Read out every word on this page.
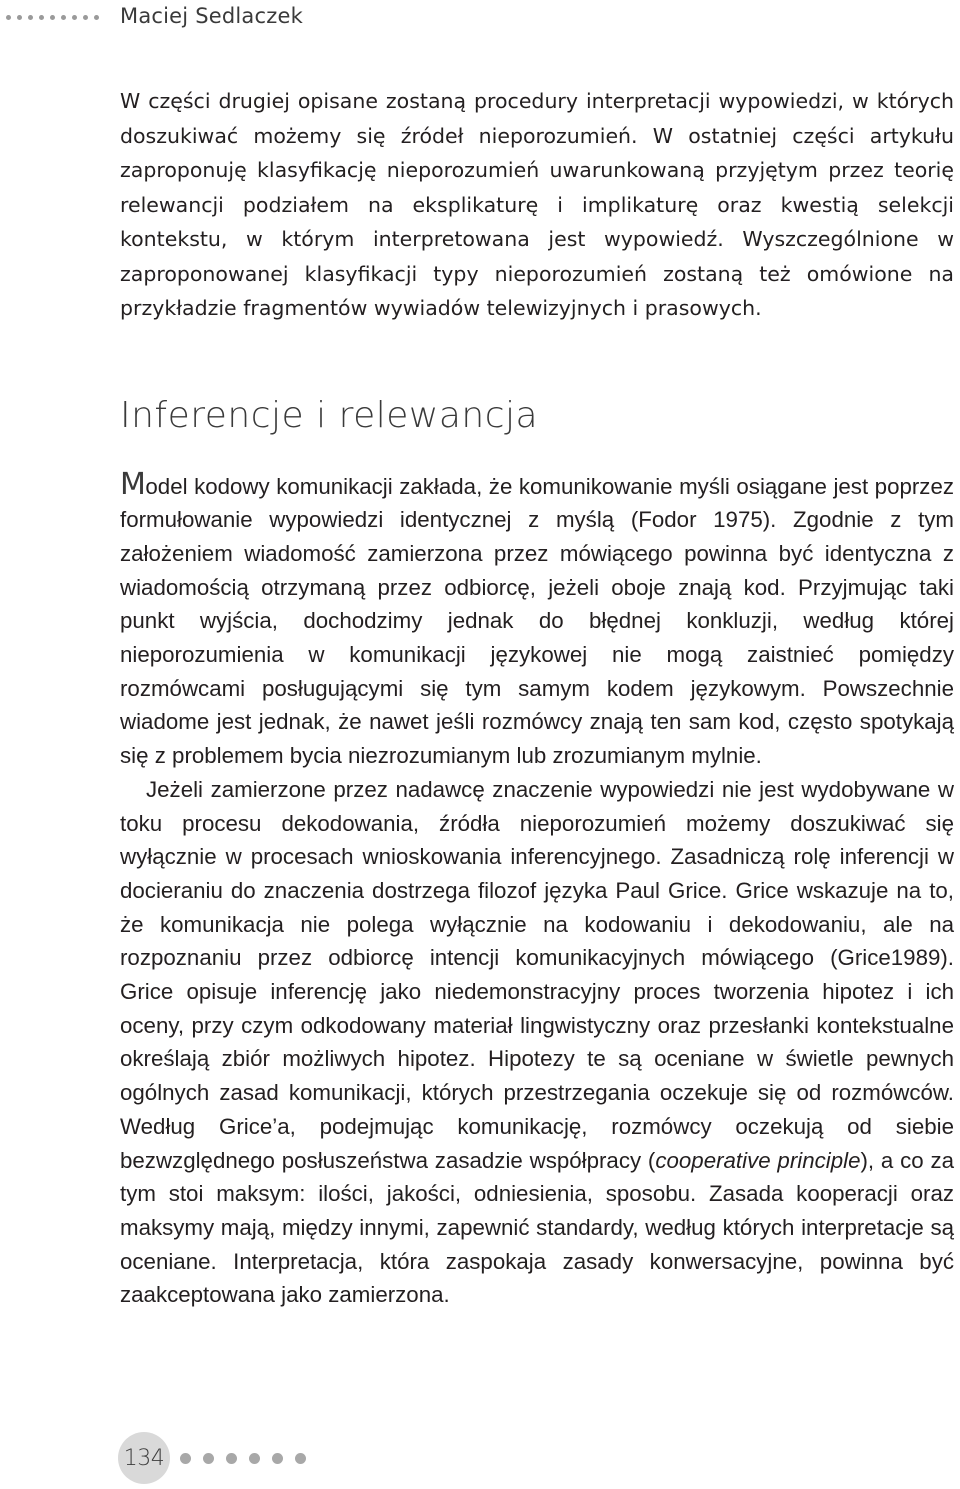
Maciej Sedlaczek

W części drugiej opisane zostaną procedury interpretacji wypowiedzi, w których doszukiwać możemy się źródeł nieporozumień. W ostatniej części artykułu zaproponuję klasyfikację nieporozumień uwarunkowaną przyjętym przez teorię relewancji podziałem na eksplikaturę i implikaturę oraz kwestią selekcji kontekstu, w którym interpretowana jest wypowiedź. Wyszczególnione w zaproponowanej klasyfikacji typy nieporozumień zostaną też omówione na przykładzie fragmentów wywiadów telewizyjnych i prasowych.

Inferencje i relewancja

Model kodowy komunikacji zakłada, że komunikowanie myśli osiągane jest poprzez formułowanie wypowiedzi identycznej z myślą (Fodor 1975). Zgodnie z tym założeniem wiadomość zamierzona przez mówiącego powinna być identyczna z wiadomością otrzymaną przez odbiorcę, jeżeli oboje znają kod. Przyjmując taki punkt wyjścia, dochodzimy jednak do błędnej konkluzji, według której nieporozumienia w komunikacji językowej nie mogą zaistnieć pomiędzy rozmówcami posługującymi się tym samym kodem językowym. Powszechnie wiadome jest jednak, że nawet jeśli rozmówcy znają ten sam kod, często spotykają się z problemem bycia niezrozumianym lub zrozumianym mylnie.

Jeżeli zamierzone przez nadawcę znaczenie wypowiedzi nie jest wydobywane w toku procesu dekodowania, źródła nieporozumień możemy doszukiwać się wyłącznie w procesach wnioskowania inferencyjnego. Zasadniczą rolę inferencji w docieraniu do znaczenia dostrzega filozof języka Paul Grice. Grice wskazuje na to, że komunikacja nie polega wyłącznie na kodowaniu i dekodowaniu, ale na rozpoznaniu przez odbiorcę intencji komunikacyjnych mówiącego (Grice1989). Grice opisuje inferencję jako niedemonstracyjny proces tworzenia hipotez i ich oceny, przy czym odkodowany materiał lingwistyczny oraz przesłanki kontekstualne określają zbiór możliwych hipotez. Hipotezy te są oceniane w świetle pewnych ogólnych zasad komunikacji, których przestrzegania oczekuje się od rozmówców. Według Grice’a, podejmując komunikację, rozmówcy oczekują od siebie bezwzględnego posłuszeństwa zasadzie współpracy (cooperative principle), a co za tym stoi maksym: ilości, jakości, odniesienia, sposobu. Zasada kooperacji oraz maksymy mają, między innymi, zapewnić standardy, według których interpretacje są oceniane. Interpretacja, która zaspokaja zasady konwersacyjne, powinna być zaakceptowana jako zamierzona.

134
